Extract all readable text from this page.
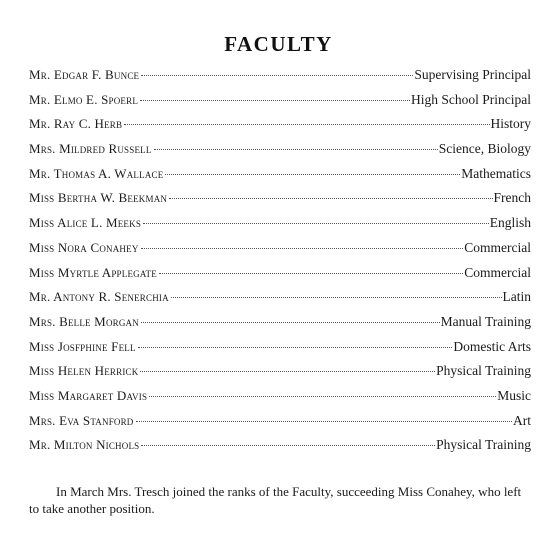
FACULTY
Mr. Edgar F. Bunce	Supervising Principal
Mr. Elmo E. Spoerl	High School Principal
Mr. Ray C. Herb	History
Mrs. Mildred Russell	Science, Biology
Mr. Thomas A. Wallace	Mathematics
Miss Bertha W. Beekman	French
Miss Alice L. Meeks	English
Miss Nora Conahey	Commercial
Miss Myrtle Applegate	Commercial
Mr. Antony R. Senerchia	Latin
Mrs. Belle Morgan	Manual Training
Miss Josfphine Fell	Domestic Arts
Miss Helen Herrick	Physical Training
Miss Margaret Davis	Music
Mrs. Eva Stanford	Art
Mr. Milton Nichols	Physical Training

In March Mrs. Tresch joined the ranks of the Faculty, succeeding Miss Conahey, who left to take another position.
